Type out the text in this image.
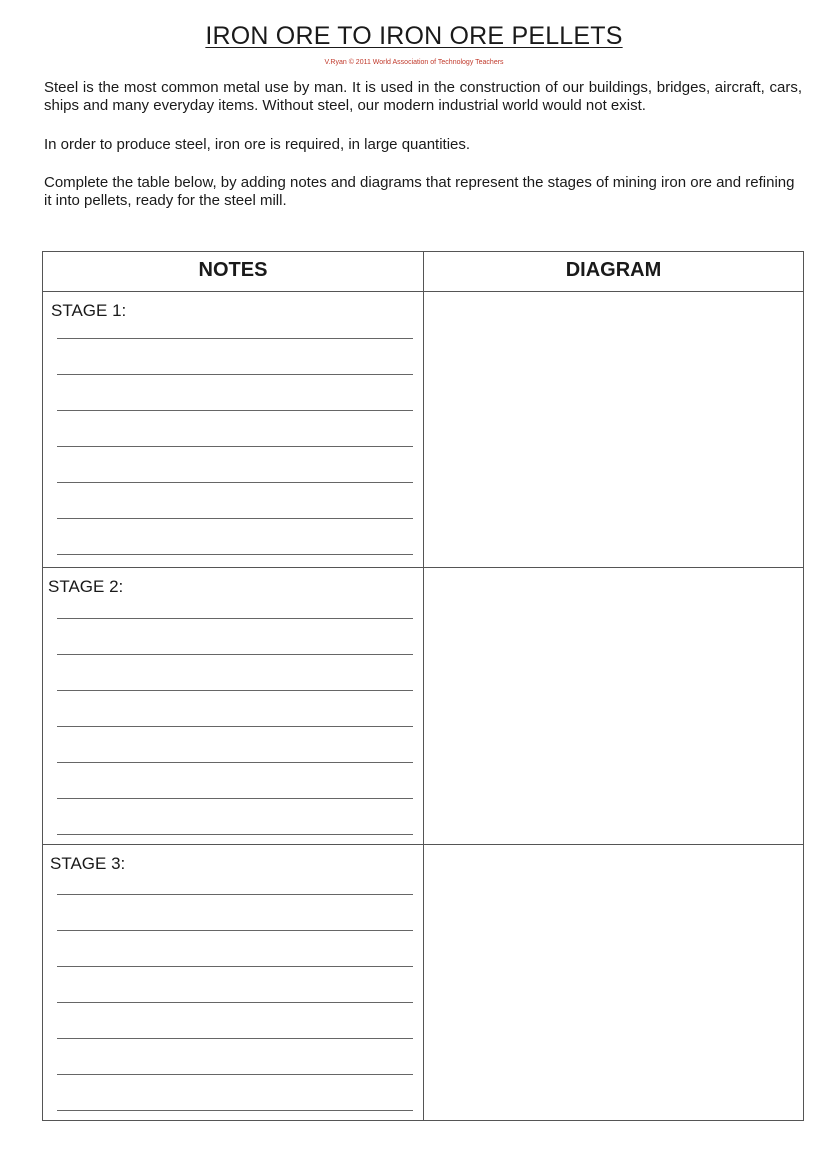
IRON ORE TO IRON ORE PELLETS
V.Ryan © 2011 World Association of Technology Teachers

Steel is the most common metal use by man. It is used in the construction of our buildings, bridges, aircraft, cars, ships and many everyday items. Without steel, our modern industrial world would not exist.

In order to produce steel, iron ore is required, in large quantities.

Complete the table below, by adding notes and diagrams that represent the stages of mining iron ore and refining it into pellets, ready for the steel mill.

NOTES	DIAGRAM
STAGE 1:
STAGE 2:
STAGE 3:
